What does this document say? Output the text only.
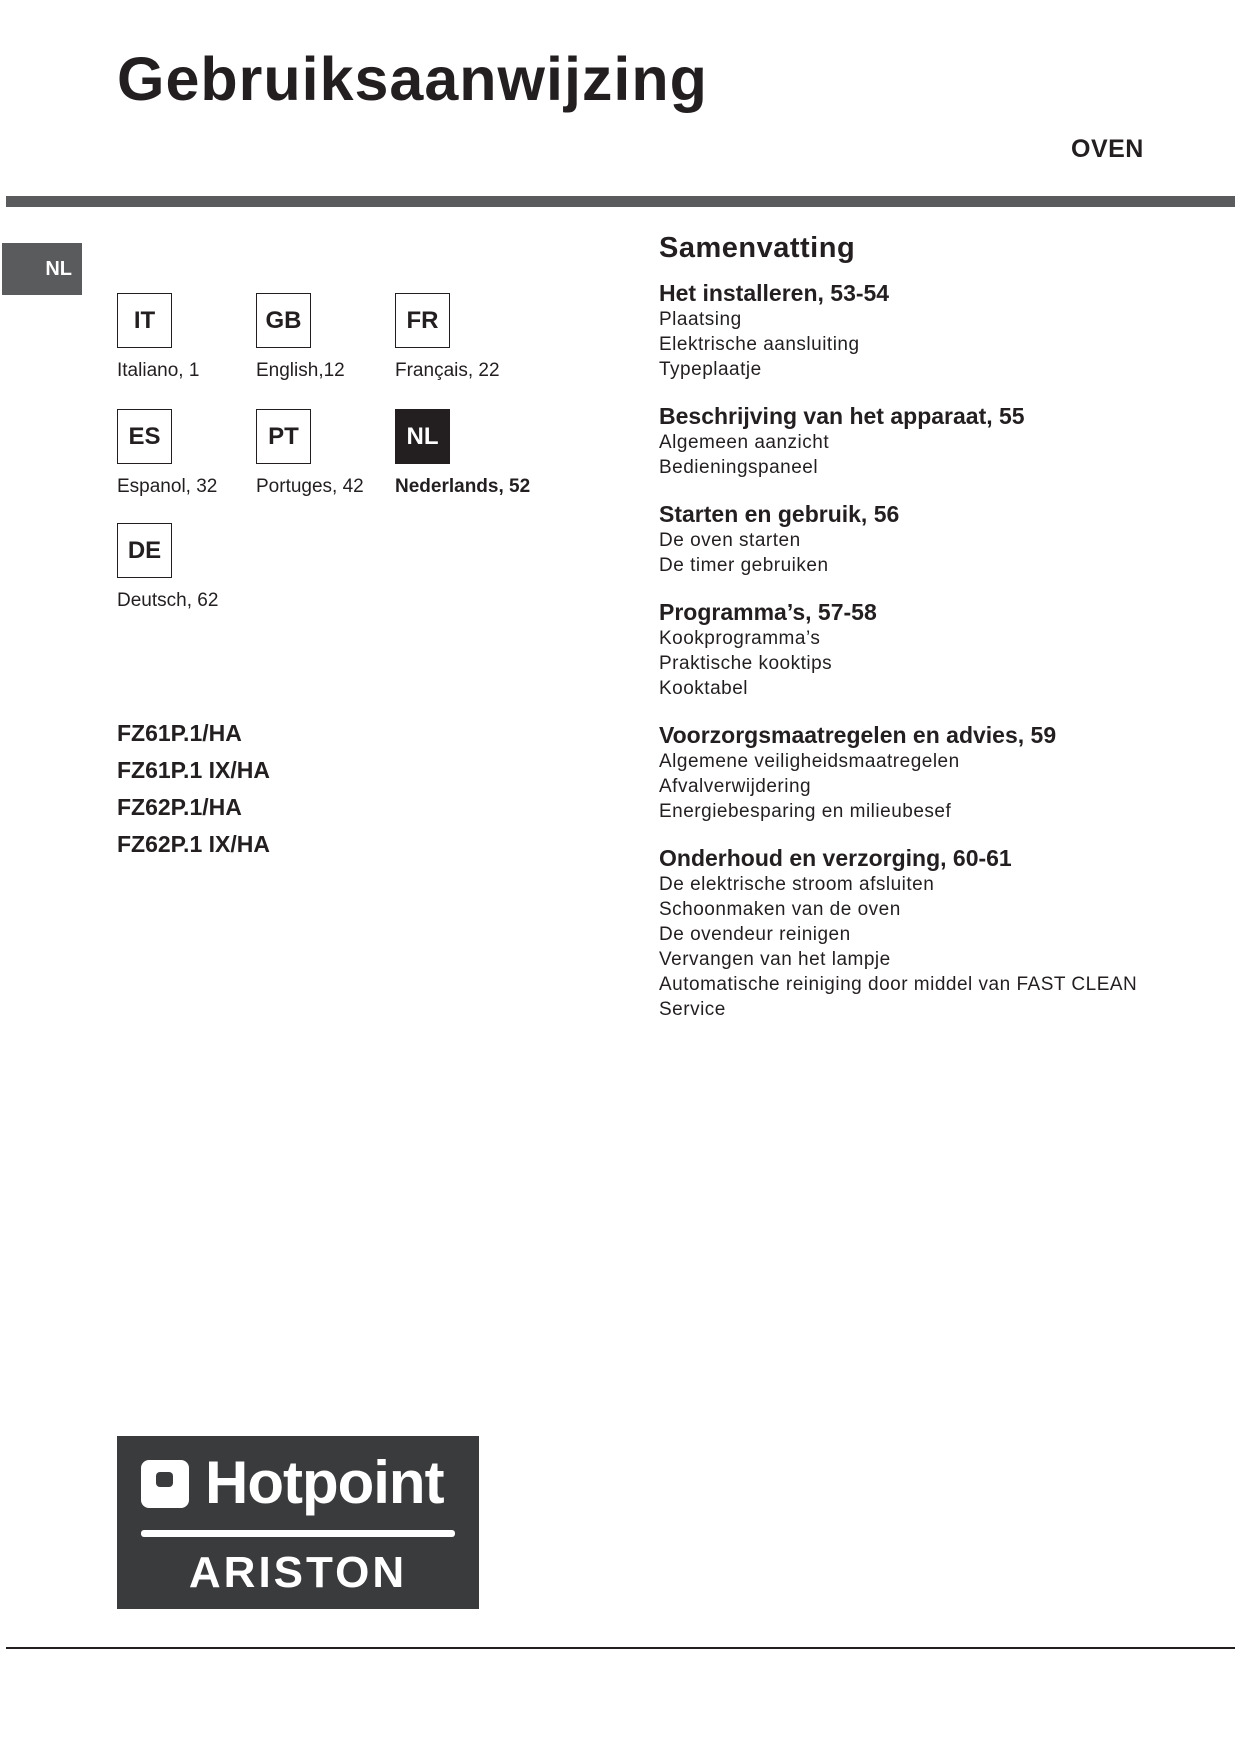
Gebruiksaanwijzing
OVEN
NL
IT
Italiano, 1
GB
English,12
FR
Français, 22
ES
Espanol, 32
PT
Portuges, 42
NL
Nederlands, 52
DE
Deutsch, 62
FZ61P.1/HA
FZ61P.1 IX/HA
FZ62P.1/HA
FZ62P.1 IX/HA
Samenvatting
Het installeren, 53-54
Plaatsing
Elektrische aansluiting
Typeplaatje
Beschrijving van het apparaat, 55
Algemeen aanzicht
Bedieningspaneel
Starten en gebruik, 56
De oven starten
De timer gebruiken
Programma’s, 57-58
Kookprogramma’s
Praktische kooktips
Kooktabel
Voorzorgsmaatregelen en advies, 59
Algemene veiligheidsmaatregelen
Afvalverwijdering
Energiebesparing en milieubesef
Onderhoud en verzorging, 60-61
De elektrische stroom afsluiten
Schoonmaken van de oven
De ovendeur reinigen
Vervangen van het lampje
Automatische reiniging door middel van FAST CLEAN
Service
Hotpoint
ARISTON
